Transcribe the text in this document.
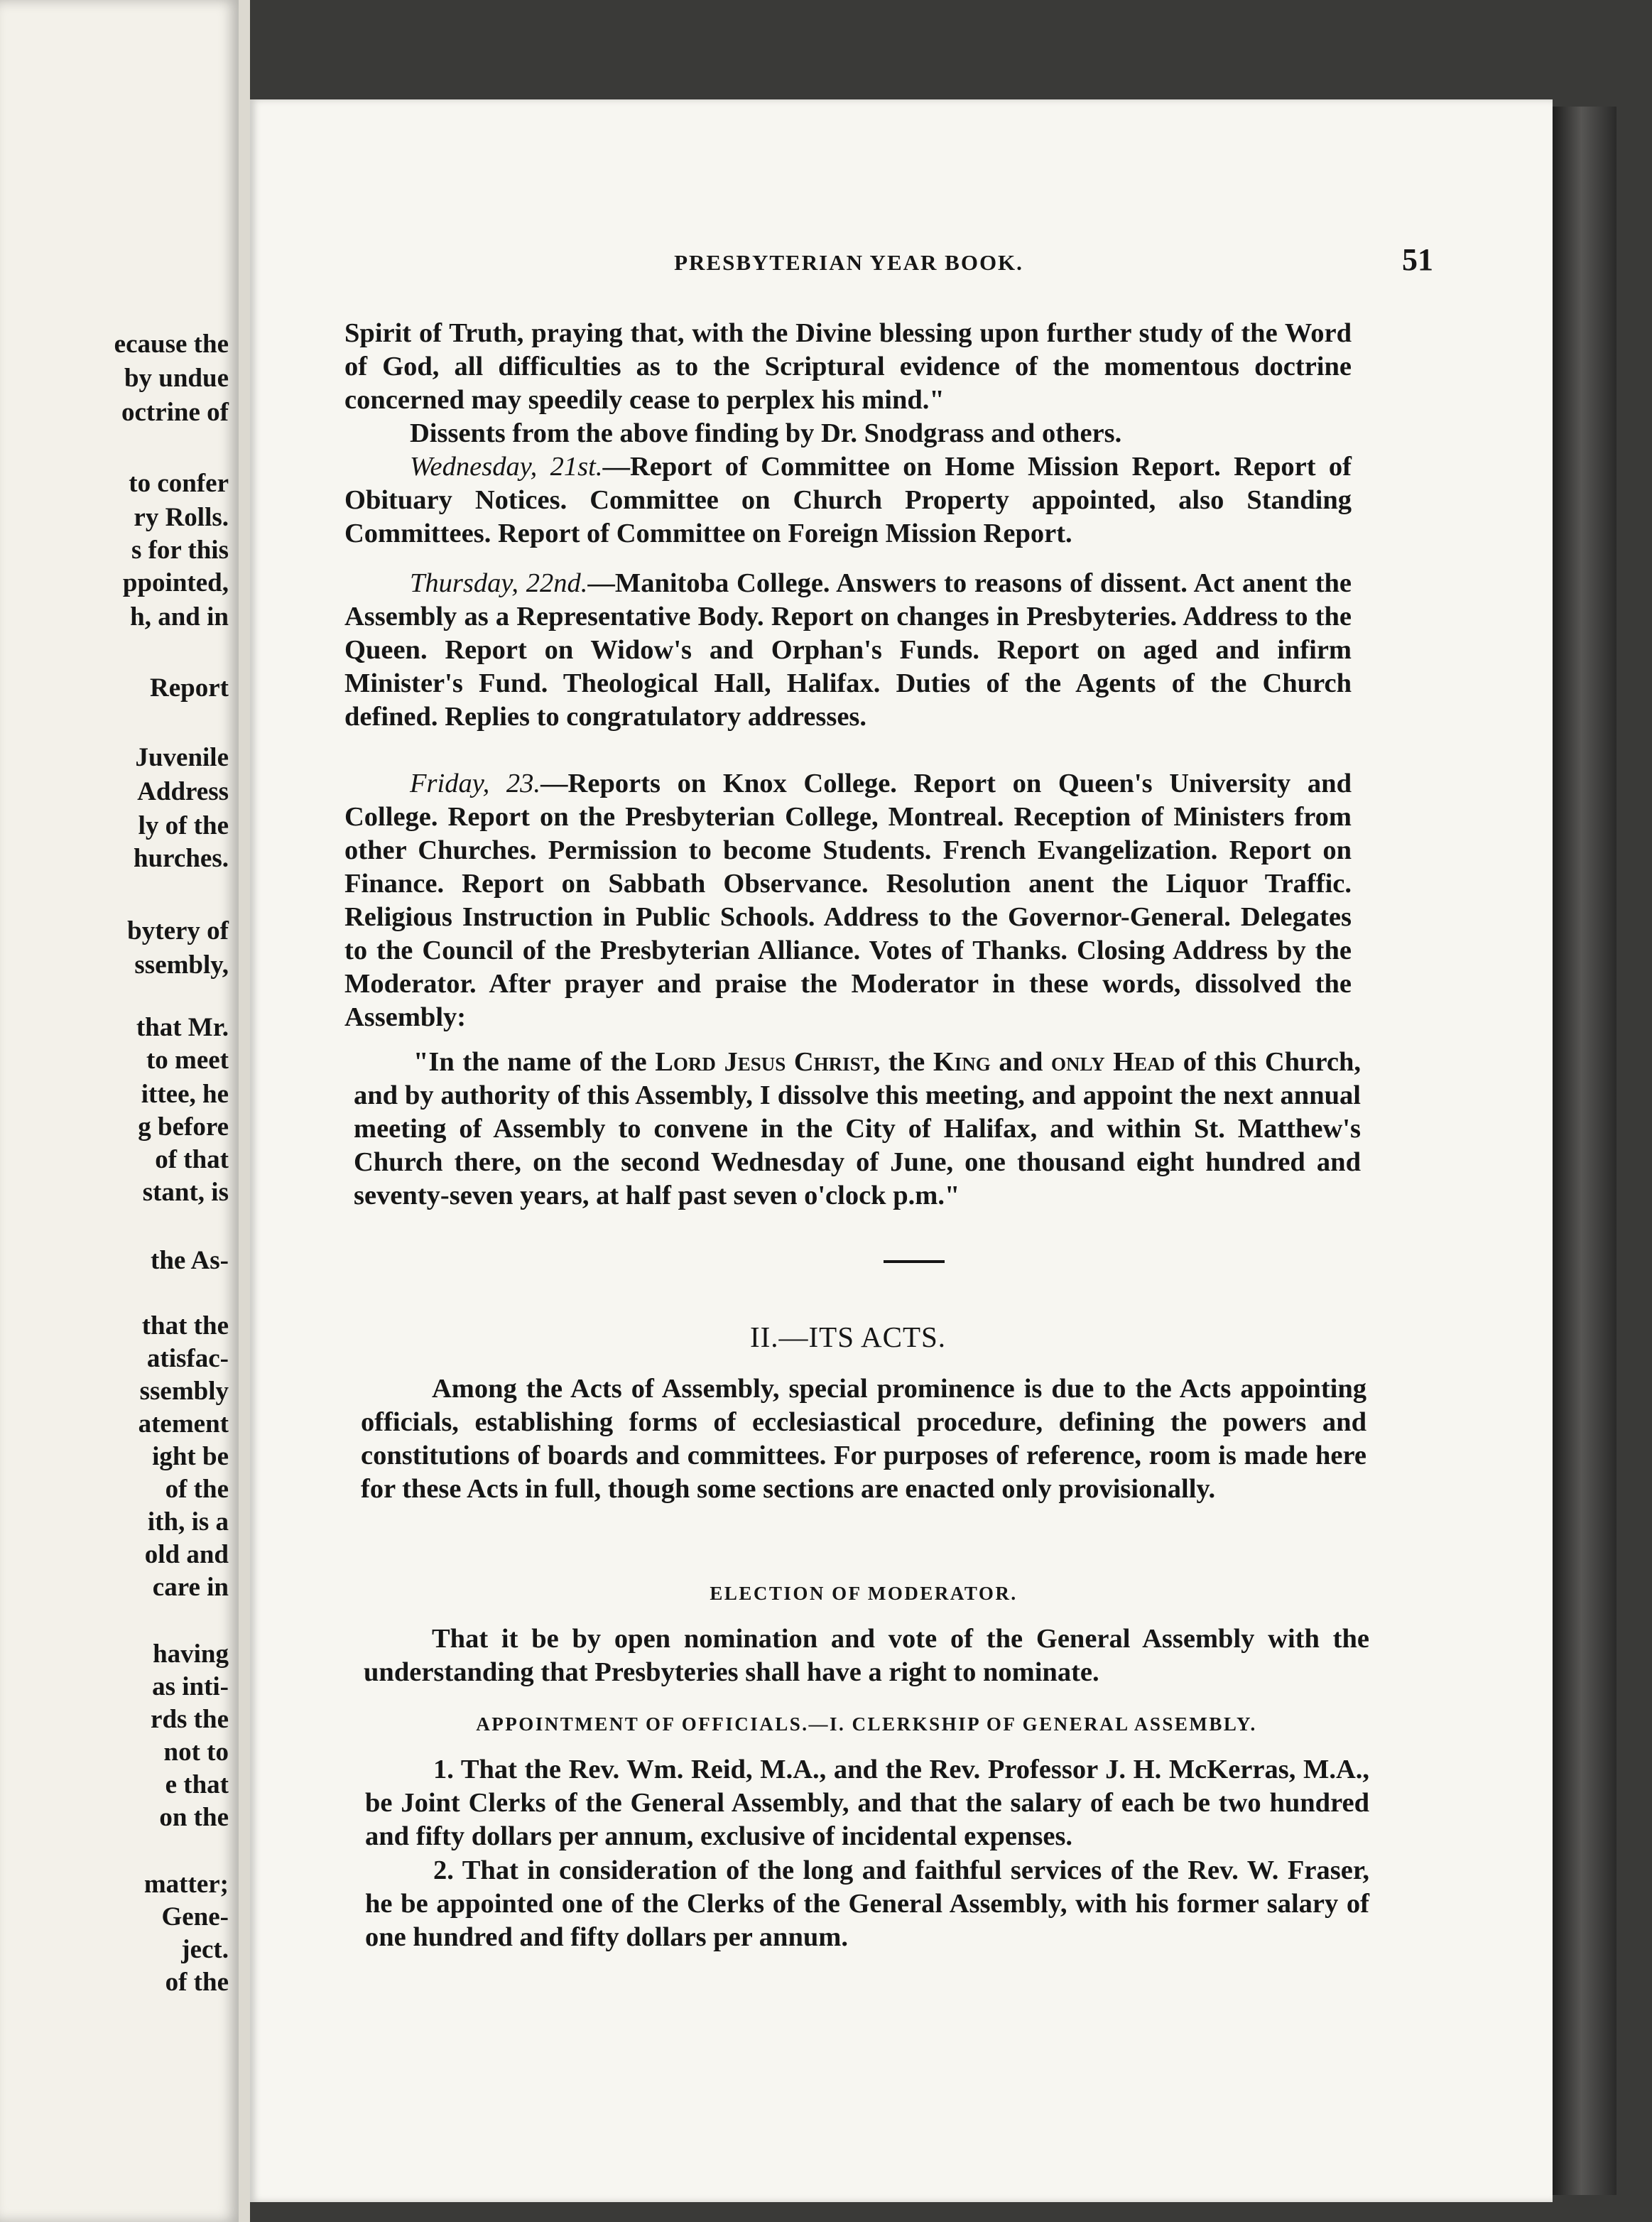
ecause the
by undue
octrine of
to confer
ry Rolls.
s for this
ppointed,
h, and in
Report
Juvenile
Address
ly of the
hurches.
bytery of
ssembly,
that Mr.
to meet
ittee, he
g before
of that
stant, is
the As-
that the
atisfac-
ssembly
atement
ight be
of the
ith, is a
old and
care in
having
as inti-
rds the
not to
e that
on the
matter;
Gene-
ject.
of the
PRESBYTERIAN YEAR BOOK.	51

Spirit of Truth, praying that, with the Divine blessing upon further study of the Word of God, all difficulties as to the Scriptural evidence of the momentous doctrine concerned may speedily cease to perplex his mind."

Dissents from the above finding by Dr. Snodgrass and others.

Wednesday, 21st.—Report of Committee on Home Mission Report. Report of Obituary Notices. Committee on Church Property appointed, also Standing Committees. Report of Committee on Foreign Mission Report.

Thursday, 22nd.—Manitoba College. Answers to reasons of dissent. Act anent the Assembly as a Representative Body. Report on changes in Presbyteries. Address to the Queen. Report on Widow's and Orphan's Funds. Report on aged and infirm Minister's Fund. Theological Hall, Halifax. Duties of the Agents of the Church defined. Replies to congratulatory addresses.

Friday, 23.—Reports on Knox College. Report on Queen's University and College. Report on the Presbyterian College, Montreal. Reception of Ministers from other Churches. Permission to become Students. French Evangelization. Report on Finance. Report on Sabbath Observance. Resolution anent the Liquor Traffic. Religious Instruction in Public Schools. Address to the Governor-General. Delegates to the Council of the Presbyterian Alliance. Votes of Thanks. Closing Address by the Moderator. After prayer and praise the Moderator in these words, dissolved the Assembly:

"In the name of the Lord Jesus Christ, the King and only Head of this Church, and by authority of this Assembly, I dissolve this meeting, and appoint the next annual meeting of Assembly to convene in the City of Halifax, and within St. Matthew's Church there, on the second Wednesday of June, one thousand eight hundred and seventy-seven years, at half past seven o'clock p.m."

II.—ITS ACTS.

Among the Acts of Assembly, special prominence is due to the Acts appointing officials, establishing forms of ecclesiastical procedure, defining the powers and constitutions of boards and committees. For purposes of reference, room is made here for these Acts in full, though some sections are enacted only provisionally.

ELECTION OF MODERATOR.

That it be by open nomination and vote of the General Assembly with the understanding that Presbyteries shall have a right to nominate.

APPOINTMENT OF OFFICIALS.—I. CLERKSHIP OF GENERAL ASSEMBLY.

1. That the Rev. Wm. Reid, M.A., and the Rev. Professor J. H. McKerras, M.A., be Joint Clerks of the General Assembly, and that the salary of each be two hundred and fifty dollars per annum, exclusive of incidental expenses.

2. That in consideration of the long and faithful services of the Rev. W. Fraser, he be appointed one of the Clerks of the General Assembly, with his former salary of one hundred and fifty dollars per annum.
